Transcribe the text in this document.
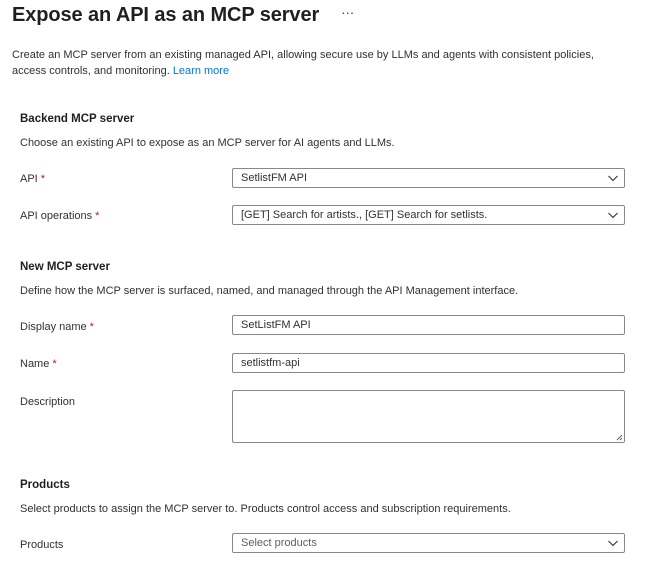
Expose an API as an MCP server ···
Create an MCP server from an existing managed API, allowing secure use by LLMs and agents with consistent policies, access controls, and monitoring. Learn more
Backend MCP server
Choose an existing API to expose as an MCP server for AI agents and LLMs.
API *	SetlistFM API
API operations *	[GET] Search for artists., [GET] Search for setlists.
New MCP server
Define how the MCP server is surfaced, named, and managed through the API Management interface.
Display name *	SetListFM API
Name *	setlistfm-api
Description
Products
Select products to assign the MCP server to. Products control access and subscription requirements.
Products	Select products
